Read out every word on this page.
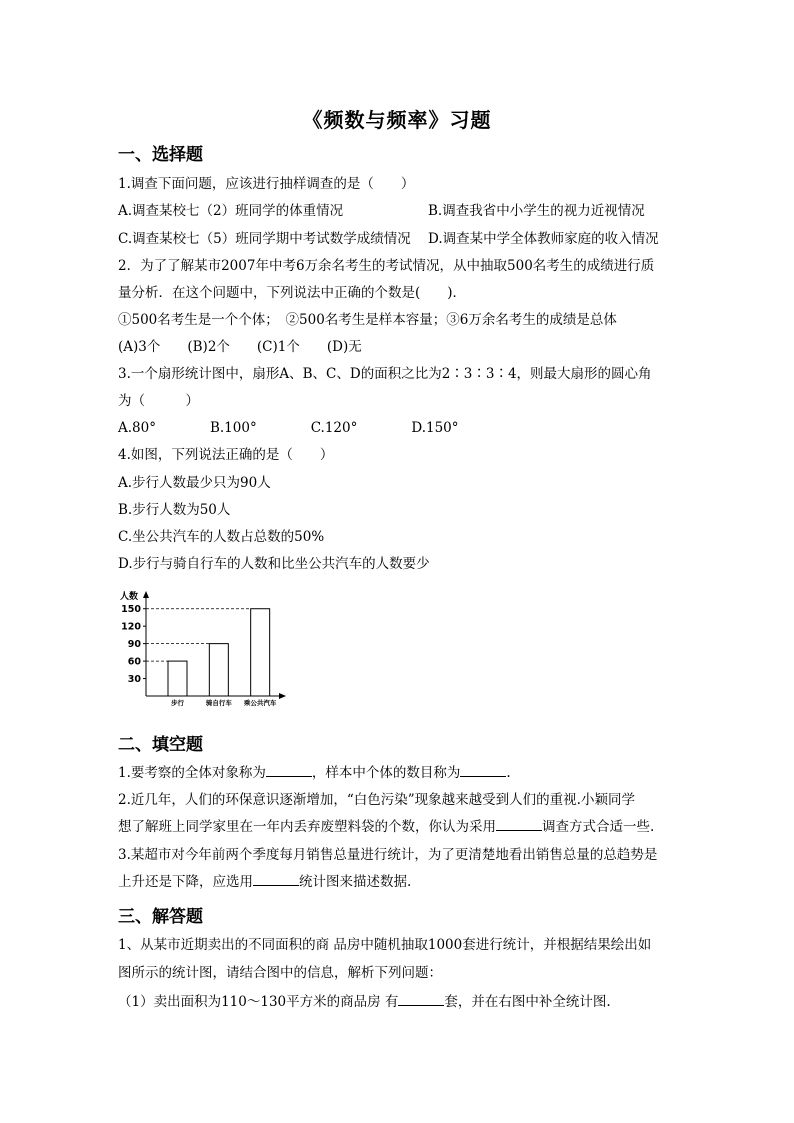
《频数与频率》习题
一、选择题
1.调查下面问题，应该进行抽样调查的是（　　）
A.调查某校七（2）班同学的体重情况	B.调查我省中小学生的视力近视情况
C.调查某校七（5）班同学期中考试数学成绩情况 D.调查某中学全体教师家庭的收入情况
2．为了了解某市2007年中考6万余名考生的考试情况，从中抽取500名考生的成绩进行质
量分析．在这个问题中，下列说法中正确的个数是(　　)．
①500名考生是一个个体；　②500名考生是样本容量；③6万余名考生的成绩是总体
(A)3个　　(B)2个　　(C)1个　　(D)无
3.一个扇形统计图中，扇形A、B、C、D的面积之比为2∶3∶3∶4，则最大扇形的圆心角
为（　　　）
A.80°　　　　B.100°　　　　C.120°　　　　D.150°
4.如图，下列说法正确的是（　　）
A.步行人数最少只为90人
B.步行人数为50人
C.坐公共汽车的人数占总数的50%
D.步行与骑自行车的人数和比坐公共汽车的人数要少
人数
30
60
90
120
150
步行	骑自行车 乘公共汽车
二、填空题
1.要考察的全体对象称为	，样本中个体的数目称为	.
2.近几年，人们的环保意识逐渐增加，“白色污染”现象越来越受到人们的重视.小颖同学
想了解班上同学家里在一年内丢弃废塑料袋的个数，你认为采用	调查方式合适一些.
3.某超市对今年前两个季度每月销售总量进行统计，为了更清楚地看出销售总量的总趋势是
上升还是下降，应选用	统计图来描述数据.
三、解答题
1、从某市近期卖出的不同面积的商 品房中随机抽取1000套进行统计，并根据结果绘出如
图所示的统计图，请结合图中的信息，解析下列问题：
（1）卖出面积为110～130平方米的商品房 有	套，并在右图中补全统计图.
